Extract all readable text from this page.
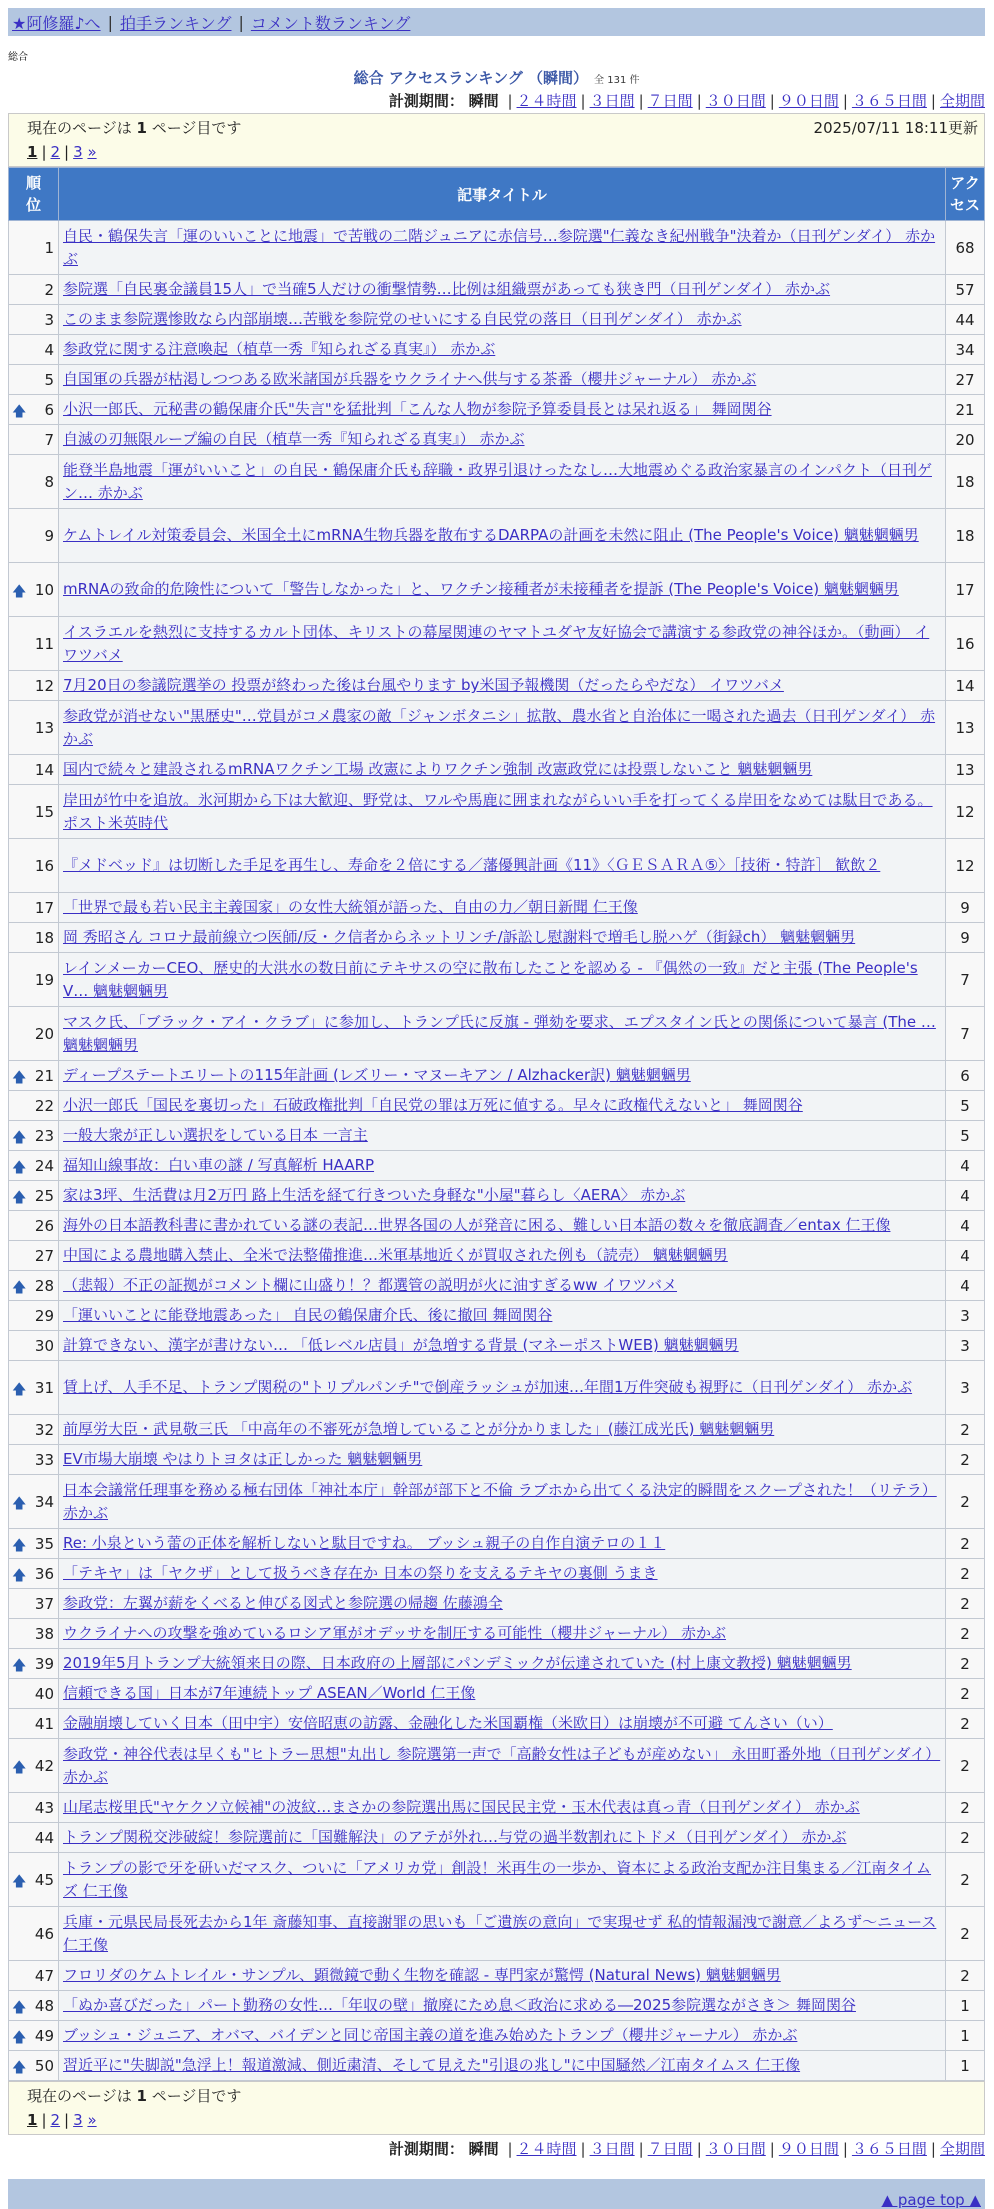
★阿修羅♪へ | 拍手ランキング | コメント数ランキング
総合
総合 アクセスランキング （瞬間） 全 131 件
計測期間： 瞬間 | ２４時間 | ３日間 | ７日間 | ３０日間 | ９０日間 | ３６５日間 | 全期間
現在のページは 1 ページ目です	2025/07/11 18:11更新
1 | 2 | 3 »
順位	記事タイトル	アクセス
1	自民・鶴保失言「運のいいことに地震」で苦戦の二階ジュニアに赤信号…参院選"仁義なき紀州戦争"決着か（日刊ゲンダイ） 赤かぶ	68
2	参院選「自民裏金議員15人」で当確5人だけの衝撃情勢…比例は組織票があっても狭き門（日刊ゲンダイ） 赤かぶ	57
3	このまま参院選惨敗なら内部崩壊…苦戦を参院党のせいにする自民党の落日（日刊ゲンダイ） 赤かぶ	44
4	参政党に関する注意喚起（植草一秀『知られざる真実』） 赤かぶ	34
5	自国軍の兵器が枯渇しつつある欧米諸国が兵器をウクライナへ供与する茶番（櫻井ジャーナル） 赤かぶ	27

🡅 6	小沢一郎氏、元秘書の鶴保庸介氏"失言"を猛批判「こんな人物が参院予算委員長とは呆れ返る」 舞岡関谷	21
7	自滅の刃無限ループ編の自民（植草一秀『知られざる真実』） 赤かぶ	20
8	能登半島地震「運がいいこと」の自民・鶴保庸介氏も辞職・政界引退けったなし…大地震めぐる政治家暴言のインパクト（日刊ゲン… 赤かぶ	18
9	ケムトレイル対策委員会、米国全土にmRNA生物兵器を散布するDARPAの計画を未然に阻止 (The People's Voice) 魑魅魍魎男	18

🡅 10	mRNAの致命的危険性について「警告しなかった」と、ワクチン接種者が未接種者を提訴 (The People's Voice) 魑魅魍魎男	17
11	イスラエルを熱烈に支持するカルト団体、キリストの幕屋関連のヤマトユダヤ友好協会で講演する参政党の神谷ほか。（動画） イワツバメ	16
12	7月20日の参議院選挙の 投票が終わった後は台風やります by米国予報機関（だったらやだな） イワツバメ	14
13	参政党が消せない"黒歴史"…党員がコメ農家の敵「ジャンボタニシ」拡散、農水省と自治体に一喝された過去（日刊ゲンダイ） 赤かぶ	13
14	国内で続々と建設されるmRNAワクチン工場 改憲によりワクチン強制 改憲政党には投票しないこと 魑魅魍魎男	13
15	岸田が竹中を追放。氷河期から下は大歓迎、野党は、ワルや馬鹿に囲まれながらいい手を打ってくる岸田をなめては駄目である。 ポスト米英時代	12
16	『メドベッド』は切断した手足を再生し、寿命を２倍にする／藩優興計画《11》〈ＧＥＳＡＲＡ⑤〉［技術・特許］ 歓飲２	12
17	「世界で最も若い民主主義国家」の女性大統領が語った、自由の力／朝日新聞 仁王像	9
18	岡 秀昭さん コロナ最前線立つ医師/反・ク信者からネットリンチ/訴訟し慰謝料で増毛し脱ハゲ（街録ch） 魑魅魍魎男	9
19	レインメーカーCEO、歴史的大洪水の数日前にテキサスの空に散布したことを認める - 『偶然の一致』だと主張 (The People's V… 魑魅魍魎男	7
20	マスク氏、「ブラック・アイ・クラブ」に参加し、トランプ氏に反旗 - 弾劾を要求、エプスタイン氏との関係について暴言 (The … 魑魅魍魎男	7

🡅 21	ディープステートエリートの115年計画 (レズリー・マヌーキアン / Alzhacker訳) 魑魅魍魎男	6
22	小沢一郎氏「国民を裏切った」石破政権批判「自民党の罪は万死に値する。早々に政権代えないと」 舞岡関谷	5

🡅 23	一般大衆が正しい選択をしている日本 一言主	5

🡅 24	福知山線事故：白い車の謎 / 写真解析 HAARP	4

🡅 25	家は3坪、生活費は月2万円 路上生活を経て行きついた身軽な"小屋"暮らし〈AERA〉 赤かぶ	4
26	海外の日本語教科書に書かれている謎の表記…世界各国の人が発音に困る、難しい日本語の数々を徹底調査／entax 仁王像	4
27	中国による農地購入禁止、全米で法整備推進…米軍基地近くが買収された例も（読売） 魑魅魍魎男	4

🡅 28	（悲報）不正の証拠がコメント欄に山盛り！？都選管の説明が火に油すぎるww イワツバメ	4
29	「運いいことに能登地震あった」 自民の鶴保庸介氏、後に撤回 舞岡関谷	3
30	計算できない、漢字が書けない… 「低レベル店員」が急増する背景 (マネーポストWEB) 魑魅魍魎男	3

🡅 31	賃上げ、人手不足、トランプ関税の"トリプルパンチ"で倒産ラッシュが加速…年間1万件突破も視野に（日刊ゲンダイ） 赤かぶ	3
32	前厚労大臣・武見敬三氏 「中高年の不審死が急増していることが分かりました」(藤江成光氏) 魑魅魍魎男	2
33	EV市場大崩壊 やはりトヨタは正しかった 魑魅魍魎男	2

🡅 34	日本会議常任理事を務める極右団体「神社本庁」幹部が部下と不倫 ラブホから出てくる決定的瞬間をスクープされた！（リテラ） 赤かぶ	2

🡅 35	Re: 小泉という蕾の正体を解析しないと駄目ですね。 ブッシュ親子の自作自演テロの１１	2

🡅 36	「テキヤ」は「ヤクザ」として扱うべき存在か 日本の祭りを支えるテキヤの裏側 うまき	2
37	参政党：左翼が薪をくべると伸びる図式と参院選の帰趨 佐藤鴻全	2
38	ウクライナへの攻撃を強めているロシア軍がオデッサを制圧する可能性（櫻井ジャーナル） 赤かぶ	2

🡅 39	2019年5月トランプ大統領来日の際、日本政府の上層部にパンデミックが伝達されていた (村上康文教授) 魑魅魍魎男	2
40	信頼できる国」日本が7年連続トップ ASEAN／World 仁王像	2
41	金融崩壊していく日本（田中宇）安倍昭恵の訪露、金融化した米国覇権（米欧日）は崩壊が不可避 てんさい（い）	2

🡅 42	参政党・神谷代表は早くも"ヒトラー思想"丸出し 参院選第一声で「高齢女性は子どもが産めない」 永田町番外地（日刊ゲンダイ） 赤かぶ	2
43	山尾志桜里氏"ヤケクソ立候補"の波紋…まさかの参院選出馬に国民民主党・玉木代表は真っ青（日刊ゲンダイ） 赤かぶ	2
44	トランプ関税交渉破綻！参院選前に「国難解決」のアテが外れ…与党の過半数割れにトドメ（日刊ゲンダイ） 赤かぶ	2

🡅 45	トランプの影で牙を研いだマスク、ついに「アメリカ党」創設！米再生の一歩か、資本による政治支配か注目集まる／江南タイムズ 仁王像	2
46	兵庫・元県民局長死去から1年 斎藤知事、直接謝罪の思いも「ご遺族の意向」で実現せず 私的情報漏洩で謝意／よろず～ニュース 仁王像	2
47	フロリダのケムトレイル・サンプル、顕微鏡で動く生物を確認 - 専門家が驚愕 (Natural News) 魑魅魍魎男	2

🡅 48	「ぬか喜びだった」パート勤務の女性…「年収の壁」撤廃にため息＜政治に求める―2025参院選ながさき＞ 舞岡関谷	1

🡅 49	ブッシュ・ジュニア、オバマ、バイデンと同じ帝国主義の道を進み始めたトランプ（櫻井ジャーナル） 赤かぶ	1

🡅 50	習近平に"失脚説"急浮上！報道激減、側近粛清、そして見えた"引退の兆し"に中国騒然／江南タイムス 仁王像	1
現在のページは 1 ページ目です
1 | 2 | 3 »
計測期間： 瞬間 | ２４時間 | ３日間 | ７日間 | ３０日間 | ９０日間 | ３６５日間 | 全期間
▲ page top ▲
